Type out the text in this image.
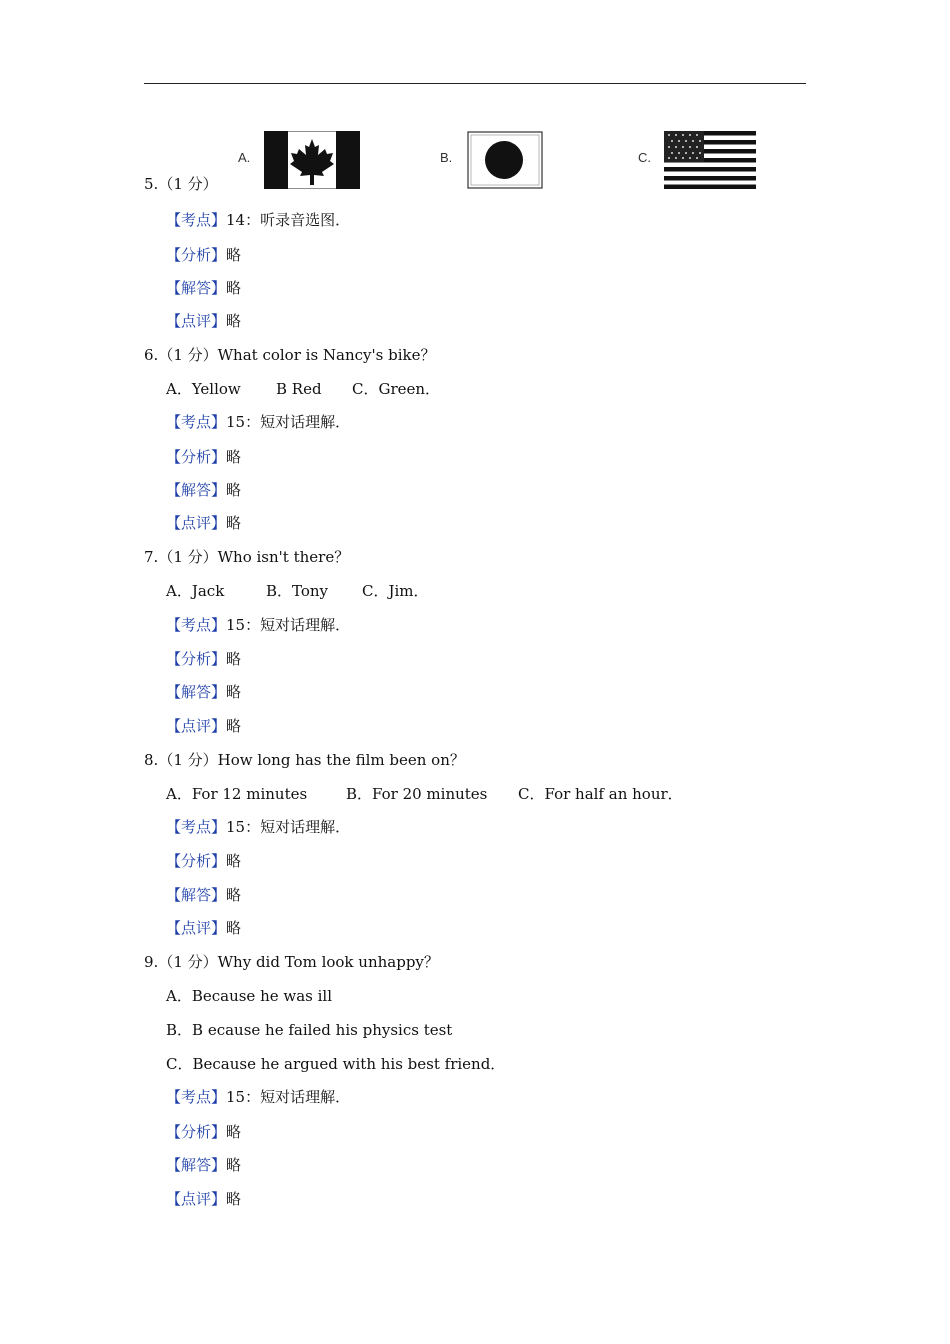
A.	B.	C.
5.（1 分）
【考点】14：听录音选图．
【分析】略
【解答】略
【点评】略
6.（1 分）What color is Nancy's bike？
A．Yellow B Red C．Green．
【考点】15：短对话理解．
【分析】略
【解答】略
【点评】略
7.（1 分）Who isn't there？
A．Jack	B．Tony C．Jim．
【考点】15：短对话理解．
【分析】略
【解答】略
【点评】略
8.（1 分）How long has the film been on？
A．For 12 minutes	B．For 20 minutes C．For half an hour．
【考点】15：短对话理解．
【分析】略
【解答】略
【点评】略
9.（1 分）Why did Tom look unhappy？
A．Because he was ill
B．B ecause he failed his physics test
C．Because he argued with his best friend．
【考点】15：短对话理解．
【分析】略
【解答】略
【点评】略
